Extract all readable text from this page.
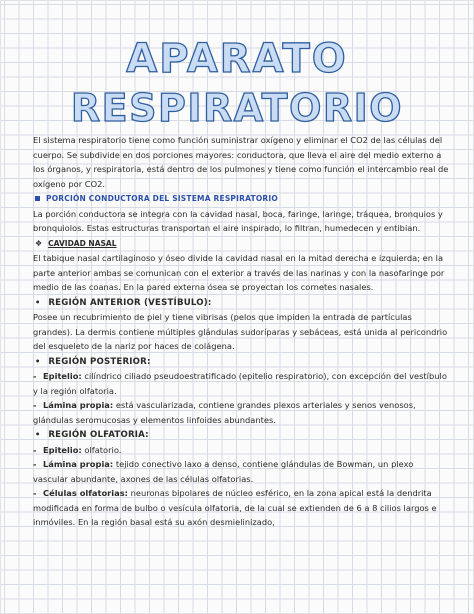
APARATO
RESPIRATORIO

El sistema respiratorio tiene como función suministrar oxígeno y eliminar el CO2 de las células del cuerpo. Se subdivide en dos porciones mayores: conductora, que lleva el aire del medio externo a los órganos, y respiratoria, está dentro de los pulmones y tiene como función el intercambio real de oxígeno por CO2.

PORCIÓN CONDUCTORA DEL SISTEMA RESPIRATORIO

La porción conductora se integra con la cavidad nasal, boca, faringe, laringe, tráquea, bronquios y bronquiolos. Estas estructuras transportan el aire inspirado, lo filtran, humedecen y entibian.

❖ CAVIDAD NASAL

El tabique nasal cartilaginoso y óseo divide la cavidad nasal en la mitad derecha e izquierda; en la parte anterior ambas se comunican con el exterior a través de las narinas y con la nasofaringe por medio de las coanas. En la pared externa ósea se proyectan los cornetes nasales.

• REGIÓN ANTERIOR (VESTÍBULO):

Posee un recubrimiento de piel y tiene vibrisas (pelos que impiden la entrada de partículas grandes). La dermis contiene múltiples glándulas sudoríparas y sebáceas, está unida al pericondrio del esqueleto de la nariz por haces de colágena.

• REGIÓN POSTERIOR:

- Epitelio: cilíndrico ciliado pseudoestratificado (epitelio respiratorio), con excepción del vestíbulo y la región olfatoria.

- Lámina propia: está vascularizada, contiene grandes plexos arteriales y senos venosos, glándulas seromucosas y elementos linfoides abundantes.

• REGIÓN OLFATORIA:

- Epitelio: olfatorio.

- Lámina propia: tejido conectivo laxo a denso, contiene glándulas de Bowman, un plexo vascular abundante, axones de las células olfatorias.

- Células olfatorias: neuronas bipolares de núcleo esférico, en la zona apical está la dendrita modificada en forma de bulbo o vesícula olfatoria, de la cual se extienden de 6 a 8 cilios largos e inmóviles. En la región basal está su axón desmielinizado,
